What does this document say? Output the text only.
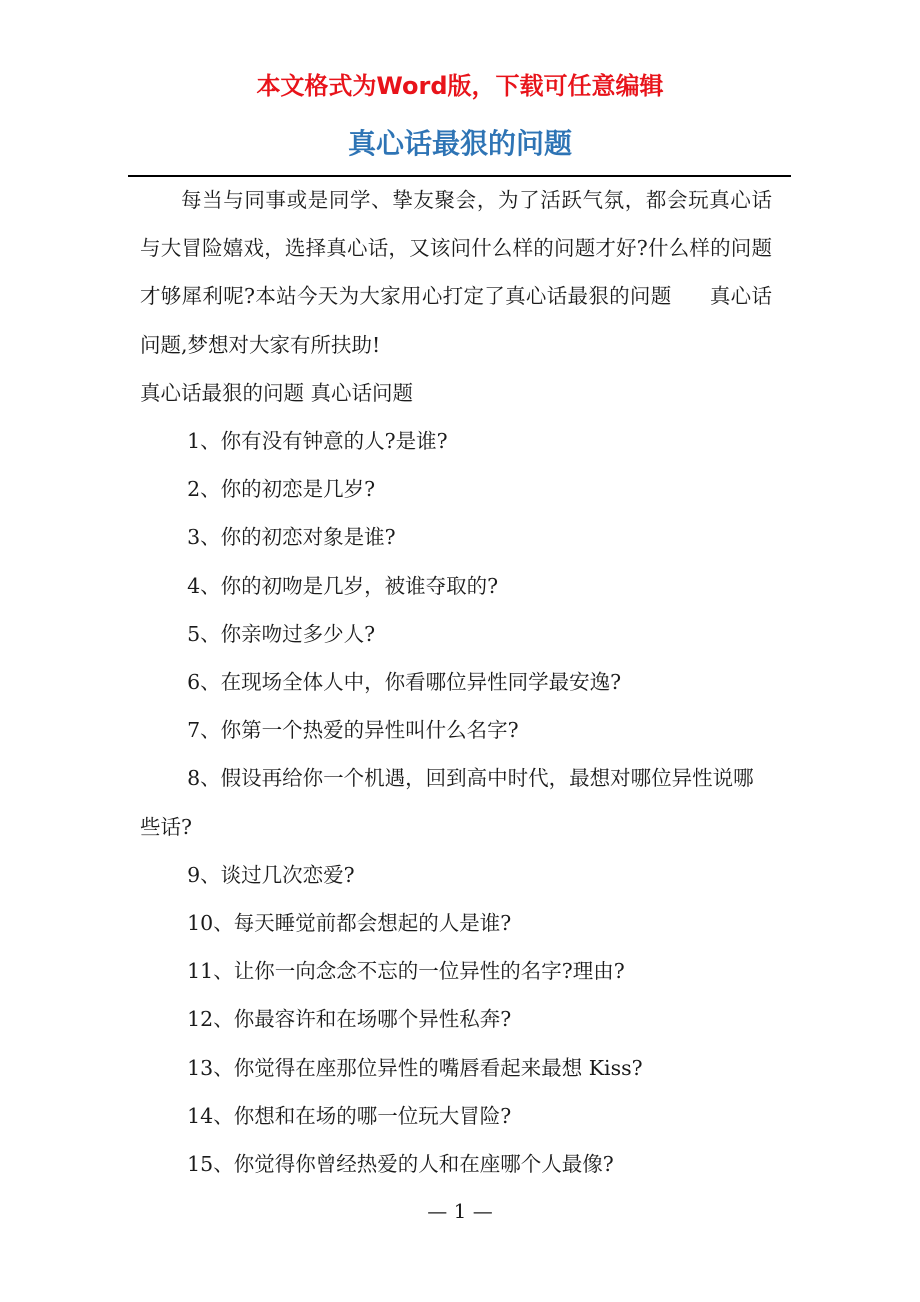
本文格式为Word版，下载可任意编辑
真心话最狠的问题

每当与同事或是同学、挚友聚会，为了活跃气氛，都会玩真心话与大冒险嬉戏，选择真心话，又该问什么样的问题才好?什么样的问题才够犀利呢?本站今天为大家用心打定了真心话最狠的问题 真心话问题,梦想对大家有所扶助!

真心话最狠的问题 真心话问题

1、你有没有钟意的人?是谁?
2、你的初恋是几岁?
3、你的初恋对象是谁?
4、你的初吻是几岁，被谁夺取的?
5、你亲吻过多少人?
6、在现场全体人中，你看哪位异性同学最安逸?
7、你第一个热爱的异性叫什么名字?
8、假设再给你一个机遇，回到高中时代，最想对哪位异性说哪些话?
9、谈过几次恋爱?
10、每天睡觉前都会想起的人是谁?
11、让你一向念念不忘的一位异性的名字?理由?
12、你最容许和在场哪个异性私奔?
13、你觉得在座那位异性的嘴唇看起来最想 Kiss?
14、你想和在场的哪一位玩大冒险?
15、你觉得你曾经热爱的人和在座哪个人最像?
— 1 —
